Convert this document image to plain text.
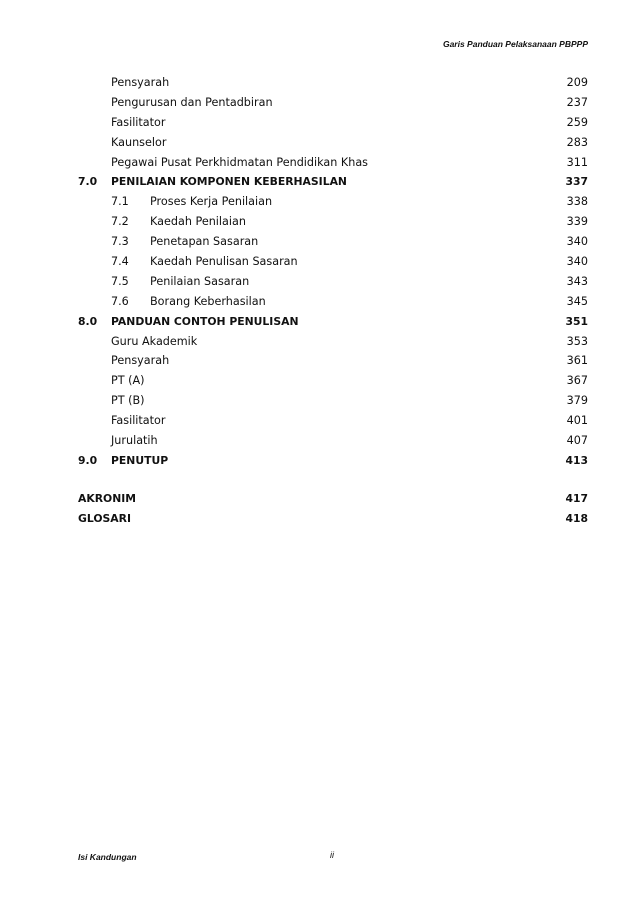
Garis Panduan Pelaksanaan PBPPP
Pensyarah	209
Pengurusan dan Pentadbiran	237
Fasilitator	259
Kaunselor	283
Pegawai Pusat Perkhidmatan Pendidikan Khas	311
7.0 PENILAIAN KOMPONEN KEBERHASILAN	337
7.1 Proses Kerja Penilaian	338
7.2 Kaedah Penilaian	339
7.3 Penetapan Sasaran	340
7.4 Kaedah Penulisan Sasaran	340
7.5 Penilaian Sasaran	343
7.6 Borang Keberhasilan	345
8.0 PANDUAN CONTOH PENULISAN	351
Guru Akademik	353
Pensyarah	361
PT (A)	367
PT (B)	379
Fasilitator	401
Jurulatih	407
9.0 PENUTUP	413
AKRONIM	417
GLOSARI	418
Isi Kandungan	ii
